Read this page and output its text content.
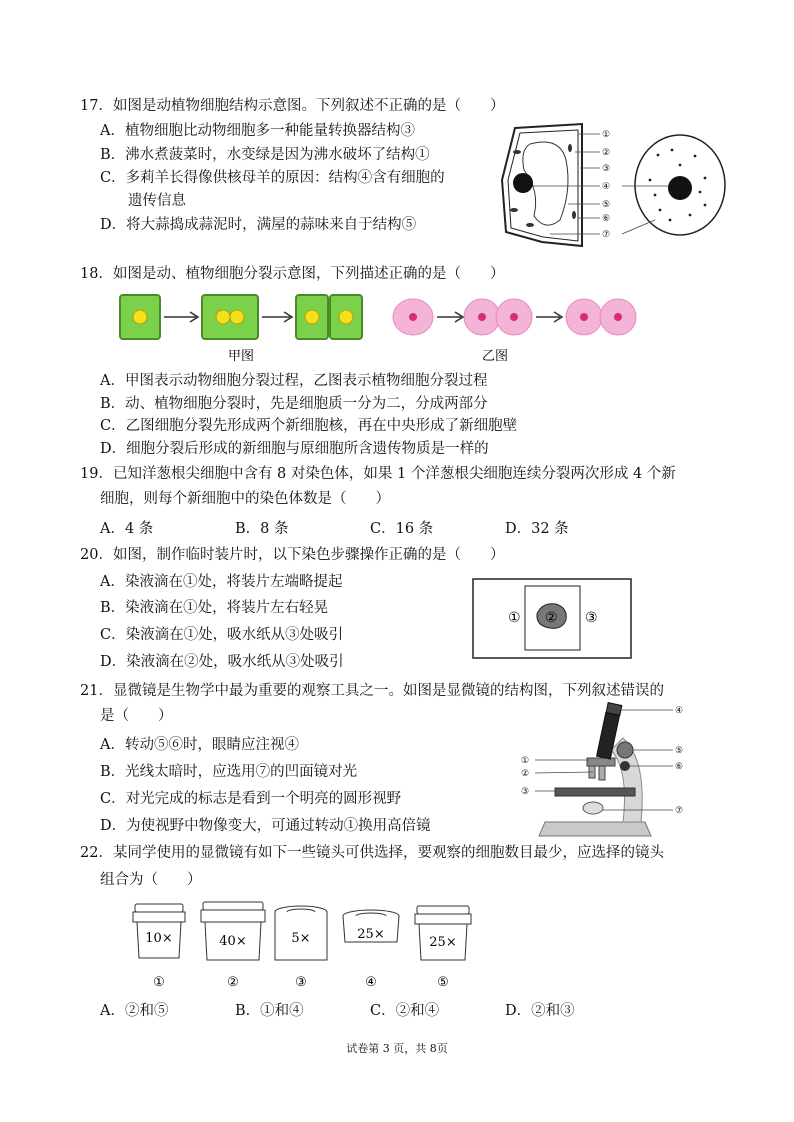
17．如图是动植物细胞结构示意图。下列叙述不正确的是（　　）
A．植物细胞比动物细胞多一种能量转换器结构③
B．沸水煮菠菜时，水变绿是因为沸水破坏了结构①
C．多莉羊长得像供核母羊的原因：结构④含有细胞的
遗传信息
D．将大蒜捣成蒜泥时，满屋的蒜味来自于结构⑤
①
②
③
④
⑤
⑥
⑦
18．如图是动、植物细胞分裂示意图，下列描述正确的是（　　）
甲图	乙图
A．甲图表示动物细胞分裂过程，乙图表示植物细胞分裂过程
B．动、植物细胞分裂时，先是细胞质一分为二，分成两部分
C．乙图细胞分裂先形成两个新细胞核，再在中央形成了新细胞壁
D．细胞分裂后形成的新细胞与原细胞所含遗传物质是一样的
19．已知洋葱根尖细胞中含有 8 对染色体，如果 1 个洋葱根尖细胞连续分裂两次形成 4 个新
细胞，则每个新细胞中的染色体数是（　　）
A．4 条	B．8 条	C．16 条	D．32 条
20．如图，制作临时装片时，以下染色步骤操作正确的是（　　）
A．染液滴在①处，将装片左端略提起
B．染液滴在①处，将装片左右轻晃
C．染液滴在①处，吸水纸从③处吸引
D．染液滴在②处，吸水纸从③处吸引
① ② ③
21．显微镜是生物学中最为重要的观察工具之一。如图是显微镜的结构图，下列叙述错误的
是（　　）
A．转动⑤⑥时，眼睛应注视④
B．光线太暗时，应选用⑦的凹面镜对光
C．对光完成的标志是看到一个明亮的圆形视野
D．为使视野中物像变大，可通过转动①换用高倍镜
①
②
③
④
⑤
⑥
⑦
22．某同学使用的显微镜有如下一些镜头可供选择，要观察的细胞数目最少，应选择的镜头
组合为（　　）
10×
①
40×
②
5×
③
25×
④
25×
⑤
A．②和⑤	B．①和④	C．②和④	D．②和③
试卷第 3 页，共 8页
